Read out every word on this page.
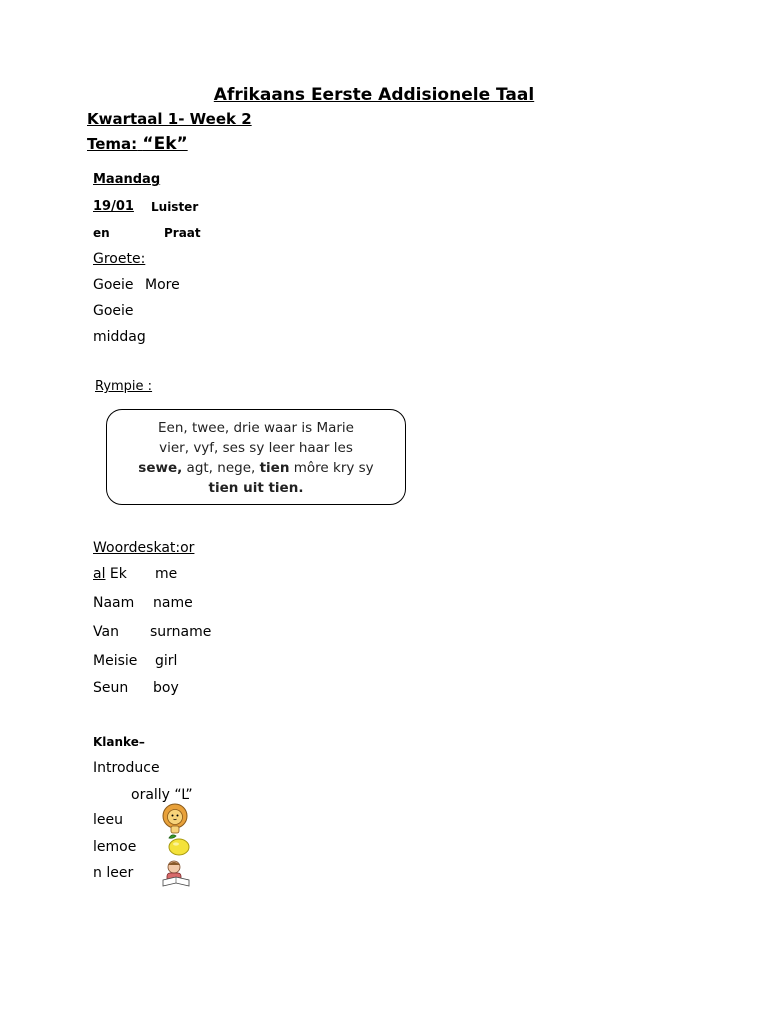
Afrikaans Eerste Addisionele Taal
Kwartaal 1- Week 2
Tema: “Ek”
Maandag
19/01 Luister
en	Praat
Groete:
Goeie More
Goeie
middag
Rympie :
Een, twee, drie waar is Marie
vier, vyf, ses sy leer haar les
sewe, agt, nege, tien môre kry sy
tien uit tien.
Woordeskat:or
al Ek me
Naam name
Van surname
Meisie girl
Seun boy
Klanke–
Introduce
orally “L”
leeu
lemoe
n leer
